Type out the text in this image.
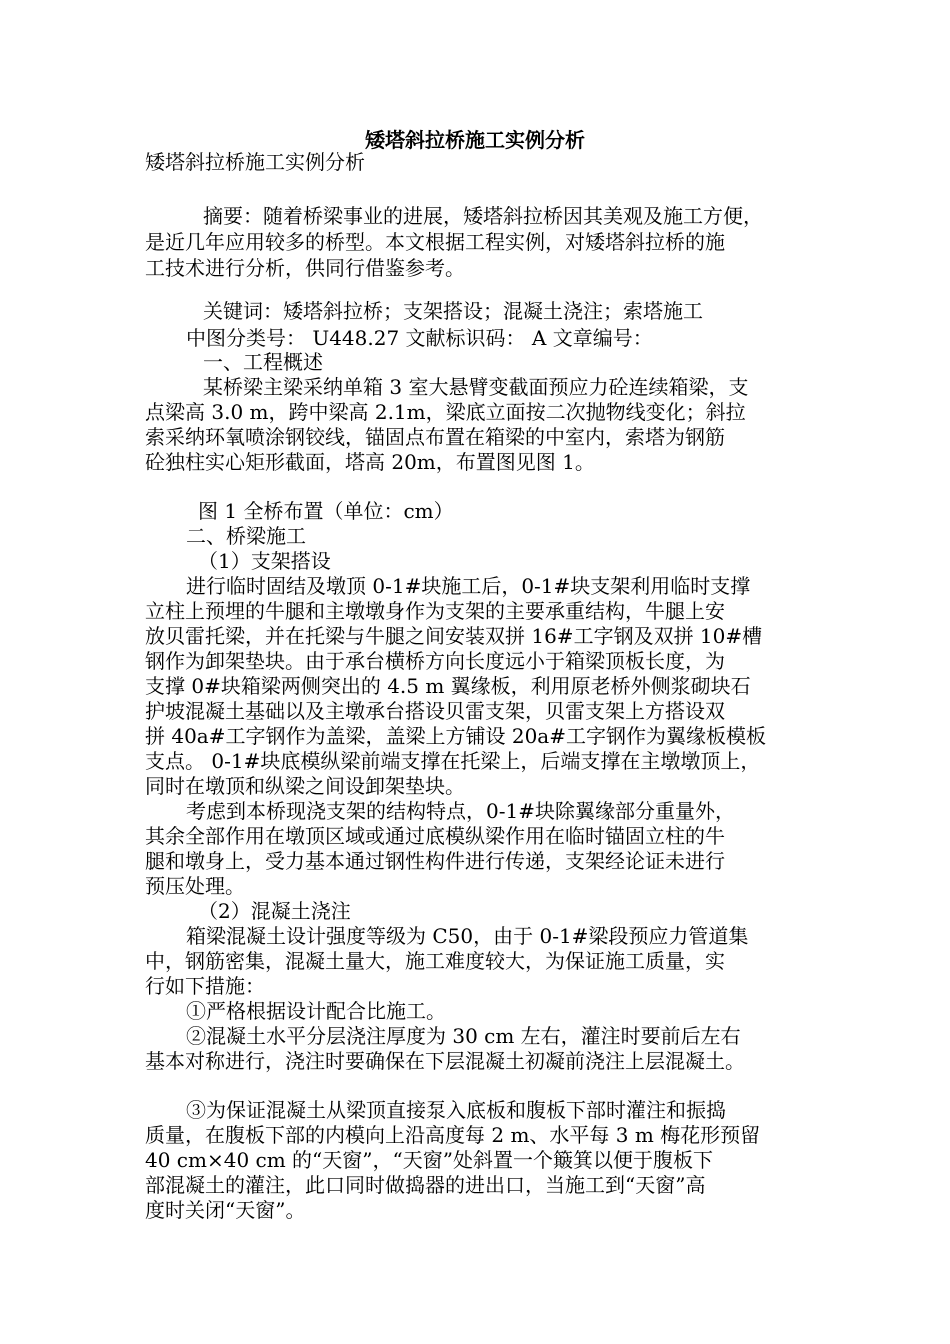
矮塔斜拉桥施工实例分析
矮塔斜拉桥施工实例分析
摘要：随着桥梁事业的进展，矮塔斜拉桥因其美观及施工方便，
是近几年应用较多的桥型。本文根据工程实例，对矮塔斜拉桥的施
工技术进行分析，供同行借鉴参考。
关键词：矮塔斜拉桥；支架搭设；混凝土浇注；索塔施工
中图分类号： U448.27 文献标识码： A 文章编号：
一、工程概述
某桥梁主梁采纳单箱 3 室大悬臂变截面预应力砼连续箱梁，支
点梁高 3.0 m，跨中梁高 2.1m，梁底立面按二次抛物线变化；斜拉
索采纳环氧喷涂钢铰线，锚固点布置在箱梁的中室内，索塔为钢筋
砼独柱实心矩形截面，塔高 20m，布置图见图 1。
图 1 全桥布置（单位：cm）
二、桥梁施工
（1）支架搭设
进行临时固结及墩顶 0-1#块施工后，0-1#块支架利用临时支撑
立柱上预埋的牛腿和主墩墩身作为支架的主要承重结构，牛腿上安
放贝雷托梁，并在托梁与牛腿之间安装双拼 16#工字钢及双拼 10#槽
钢作为卸架垫块。由于承台横桥方向长度远小于箱梁顶板长度，为
支撑 0#块箱梁两侧突出的 4.5 m 翼缘板，利用原老桥外侧浆砌块石
护坡混凝土基础以及主墩承台搭设贝雷支架，贝雷支架上方搭设双
拼 40a#工字钢作为盖梁，盖梁上方铺设 20a#工字钢作为翼缘板模板
支点。 0-1#块底模纵梁前端支撑在托梁上，后端支撑在主墩墩顶上，
同时在墩顶和纵梁之间设卸架垫块。
考虑到本桥现浇支架的结构特点，0-1#块除翼缘部分重量外，
其余全部作用在墩顶区域或通过底模纵梁作用在临时锚固立柱的牛
腿和墩身上，受力基本通过钢性构件进行传递，支架经论证未进行
预压处理。
（2）混凝土浇注
箱梁混凝土设计强度等级为 C50，由于 0-1#梁段预应力管道集
中，钢筋密集，混凝土量大，施工难度较大，为保证施工质量，实
行如下措施：
①严格根据设计配合比施工。
②混凝土水平分层浇注厚度为 30 cm 左右，灌注时要前后左右
基本对称进行，浇注时要确保在下层混凝土初凝前浇注上层混凝土。
③为保证混凝土从梁顶直接泵入底板和腹板下部时灌注和振捣
质量，在腹板下部的内模向上沿高度每 2 m、水平每 3 m 梅花形预留
40 cm×40 cm 的“天窗”，“天窗”处斜置一个簸箕以便于腹板下
部混凝土的灌注，此口同时做捣器的进出口，当施工到“天窗”高
度时关闭“天窗”。
